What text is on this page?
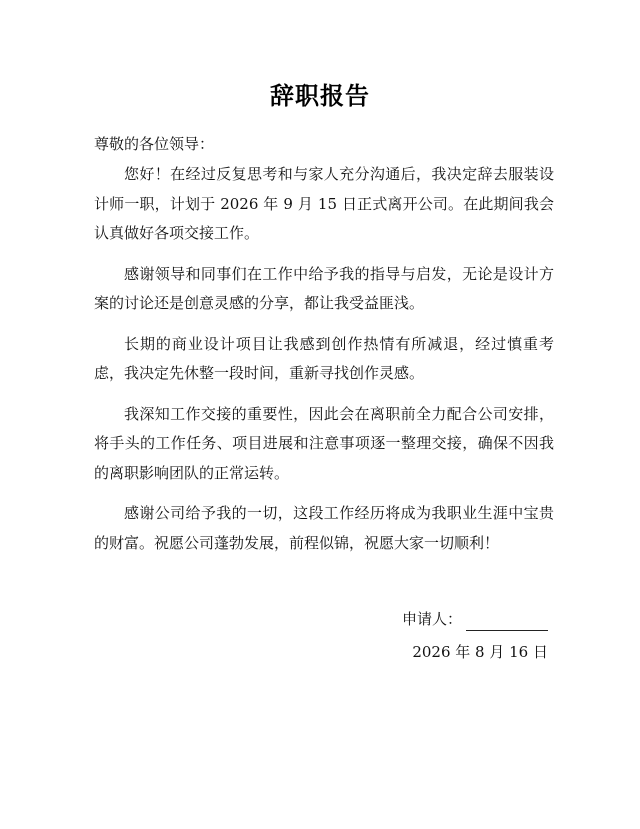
辞职报告
尊敬的各位领导：

您好！在经过反复思考和与家人充分沟通后，我决定辞去服装设计师一职，计划于 2026 年 9 月 15 日正式离开公司。在此期间我会认真做好各项交接工作。

感谢领导和同事们在工作中给予我的指导与启发，无论是设计方案的讨论还是创意灵感的分享，都让我受益匪浅。

长期的商业设计项目让我感到创作热情有所减退，经过慎重考虑，我决定先休整一段时间，重新寻找创作灵感。

我深知工作交接的重要性，因此会在离职前全力配合公司安排，将手头的工作任务、项目进展和注意事项逐一整理交接，确保不因我的离职影响团队的正常运转。

感谢公司给予我的一切，这段工作经历将成为我职业生涯中宝贵的财富。祝愿公司蓬勃发展，前程似锦，祝愿大家一切顺利！

申请人：
2026 年 8 月 16 日
